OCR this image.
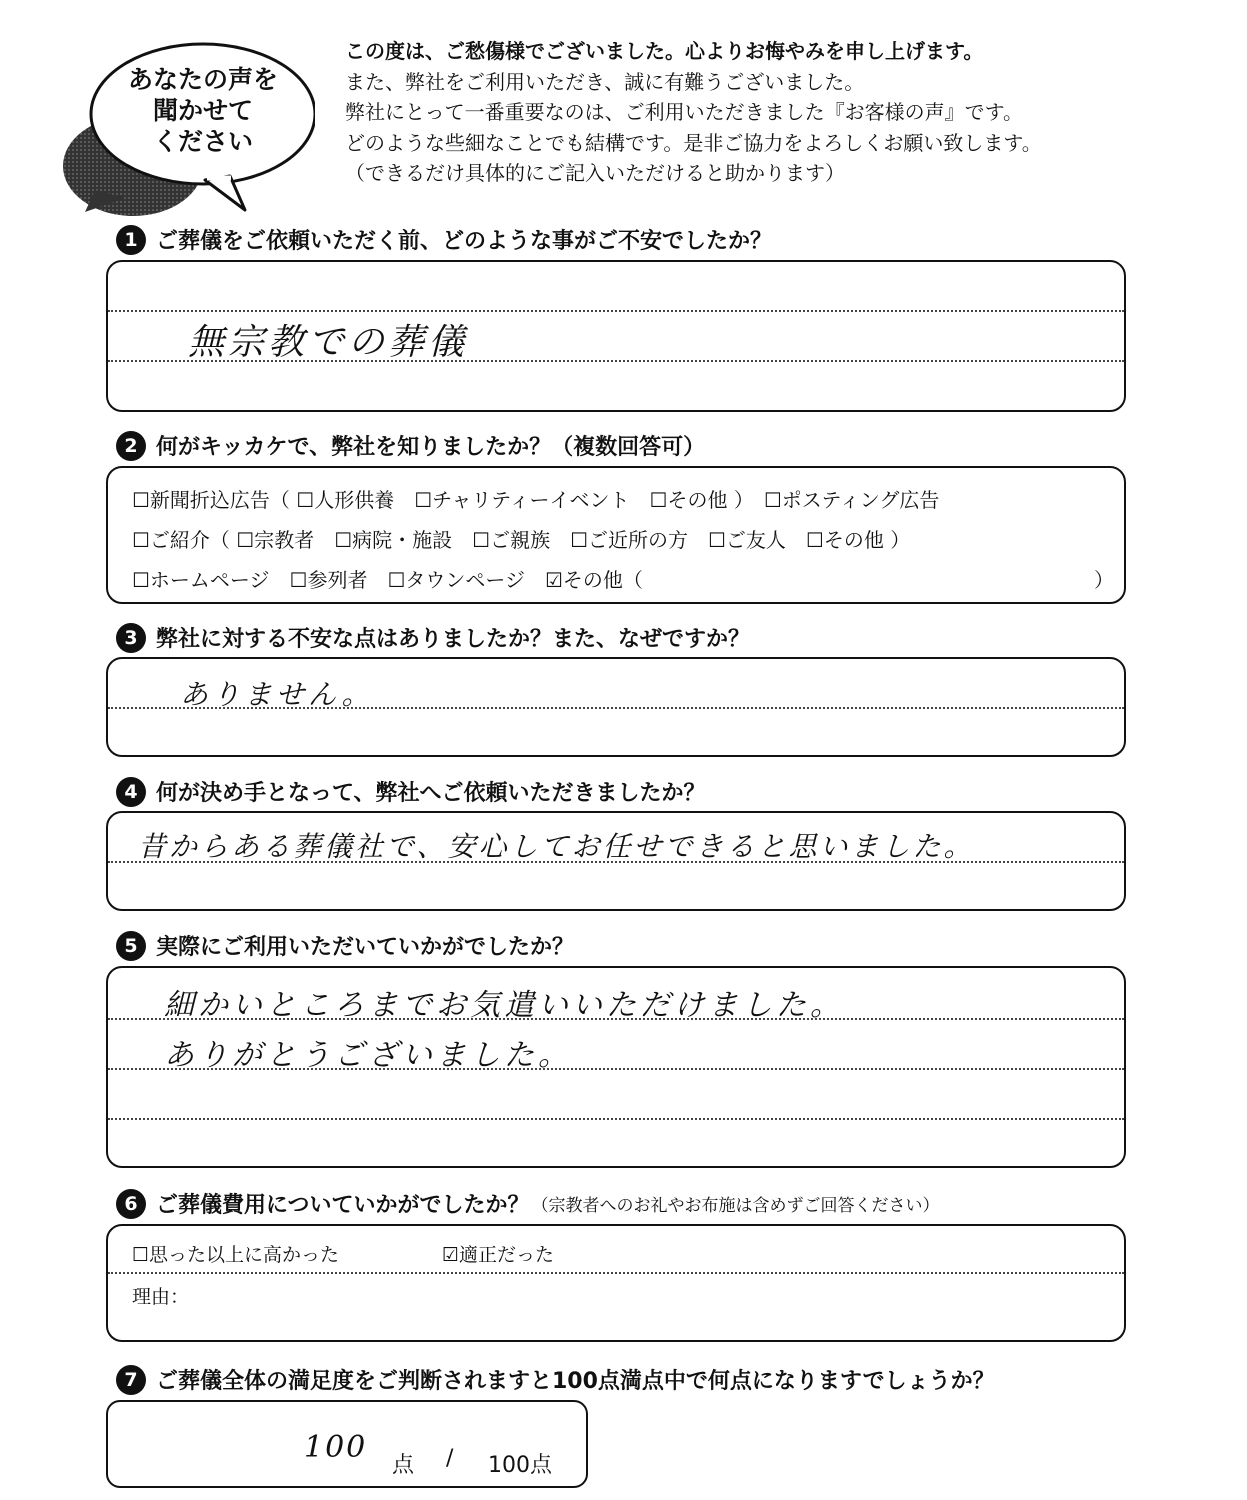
あなたの声を
聞かせて
ください
この度は、ご愁傷様でございました。心よりお悔やみを申し上げます。
また、弊社をご利用いただき、誠に有難うございました。
弊社にとって一番重要なのは、ご利用いただきました『お客様の声』です。
どのような些細なことでも結構です。是非ご協力をよろしくお願い致します。
（できるだけ具体的にご記入いただけると助かります）
1 ご葬儀をご依頼いただく前、どのような事がご不安でしたか？
無宗教での葬儀
2 何がキッカケで、弊社を知りましたか？（複数回答可）
☐新聞折込広告（ ☐人形供養　☐チャリティーイベント　☐その他 ）　☐ポスティング広告
☐ご紹介（ ☐宗教者　☐病院・施設　☐ご親族　☐ご近所の方　☐ご友人　☐その他 ）
☐ホームページ　☐参列者　☐タウンページ　☑その他（	）
3 弊社に対する不安な点はありましたか？また、なぜですか？
ありません。
4 何が決め手となって、弊社へご依頼いただきましたか？
昔からある葬儀社で、安心してお任せできると思いました。
5 実際にご利用いただいていかがでしたか？
細かいところまでお気遣いいただけました。
ありがとうございました。
6 ご葬儀費用についていかがでしたか？ （宗教者へのお礼やお布施は含めずご回答ください）
☐思った以上に高かった	☑適正だった
理由：
7 ご葬儀全体の満足度をご判断されますと100点満点中で何点になりますでしょうか？
100
点 / 100点
